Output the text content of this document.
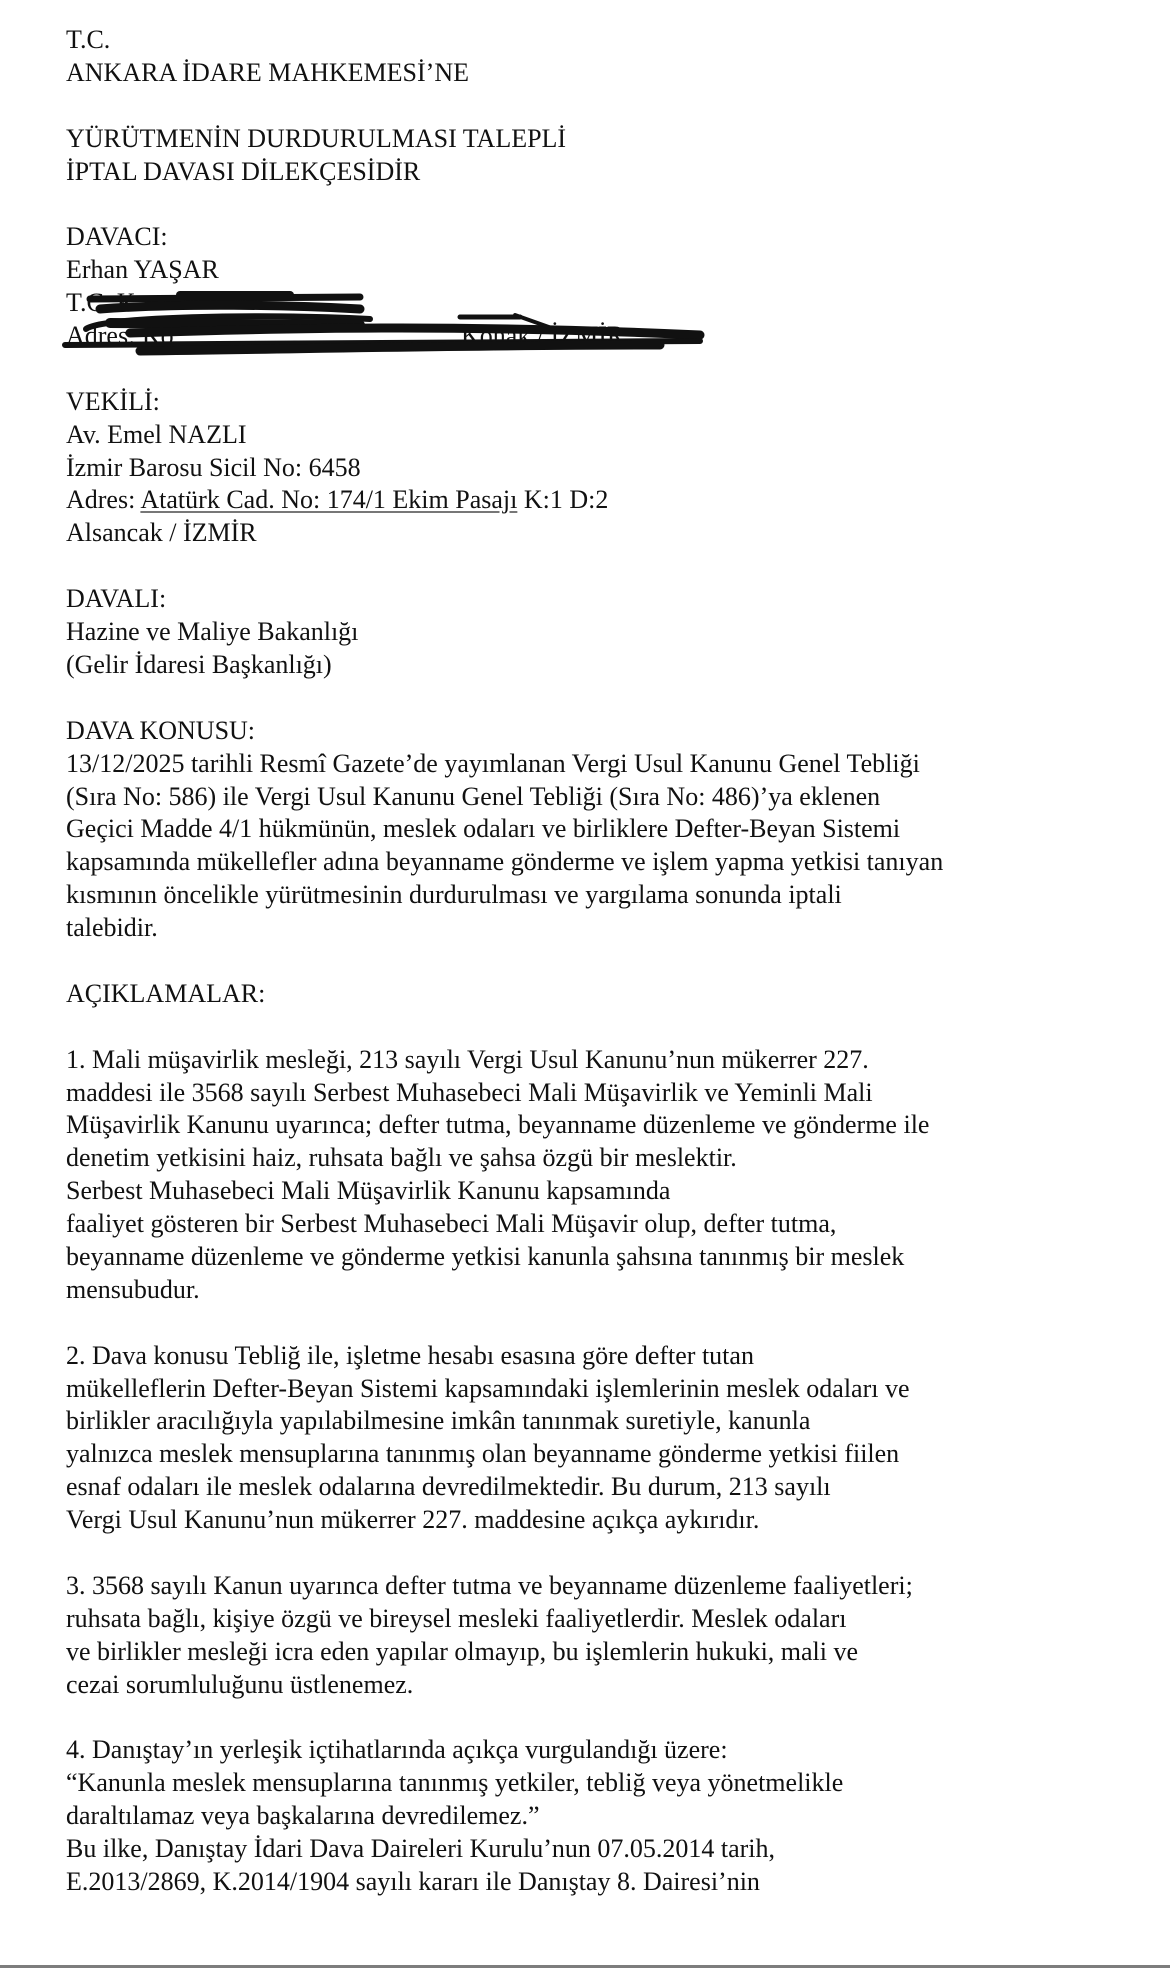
T.C.
ANKARA İDARE MAHKEMESİ’NE
YÜRÜTMENİN DURDURULMASI TALEPLİ
İPTAL DAVASI DİLEKÇESİDİR
DAVACI:
Erhan YAŞAR
T.C. K
Adres: Ko	Konak / İZMİR
VEKİLİ:
Av. Emel NAZLI
İzmir Barosu Sicil No: 6458
Adres: Atatürk Cad. No: 174/1 Ekim Pasajı K:1 D:2
Alsancak / İZMİR
DAVALI:
Hazine ve Maliye Bakanlığı
(Gelir İdaresi Başkanlığı)
DAVA KONUSU:
13/12/2025 tarihli Resmî Gazete’de yayımlanan Vergi Usul Kanunu Genel Tebliği
(Sıra No: 586) ile Vergi Usul Kanunu Genel Tebliği (Sıra No: 486)’ya eklenen
Geçici Madde 4/1 hükmünün, meslek odaları ve birliklere Defter-Beyan Sistemi
kapsamında mükellefler adına beyanname gönderme ve işlem yapma yetkisi tanıyan
kısmının öncelikle yürütmesinin durdurulması ve yargılama sonunda iptali
talebidir.
AÇIKLAMALAR:
1. Mali müşavirlik mesleği, 213 sayılı Vergi Usul Kanunu’nun mükerrer 227.
maddesi ile 3568 sayılı Serbest Muhasebeci Mali Müşavirlik ve Yeminli Mali
Müşavirlik Kanunu uyarınca; defter tutma, beyanname düzenleme ve gönderme ile
denetim yetkisini haiz, ruhsata bağlı ve şahsa özgü bir meslektir.
Serbest Muhasebeci Mali Müşavirlik Kanunu kapsamında
faaliyet gösteren bir Serbest Muhasebeci Mali Müşavir olup, defter tutma,
beyanname düzenleme ve gönderme yetkisi kanunla şahsına tanınmış bir meslek
mensubudur.
2. Dava konusu Tebliğ ile, işletme hesabı esasına göre defter tutan
mükelleflerin Defter-Beyan Sistemi kapsamındaki işlemlerinin meslek odaları ve
birlikler aracılığıyla yapılabilmesine imkân tanınmak suretiyle, kanunla
yalnızca meslek mensuplarına tanınmış olan beyanname gönderme yetkisi fiilen
esnaf odaları ile meslek odalarına devredilmektedir. Bu durum, 213 sayılı
Vergi Usul Kanunu’nun mükerrer 227. maddesine açıkça aykırıdır.
3. 3568 sayılı Kanun uyarınca defter tutma ve beyanname düzenleme faaliyetleri;
ruhsata bağlı, kişiye özgü ve bireysel mesleki faaliyetlerdir. Meslek odaları
ve birlikler mesleği icra eden yapılar olmayıp, bu işlemlerin hukuki, mali ve
cezai sorumluluğunu üstlenemez.
4. Danıştay’ın yerleşik içtihatlarında açıkça vurgulandığı üzere:
“Kanunla meslek mensuplarına tanınmış yetkiler, tebliğ veya yönetmelikle
daraltılamaz veya başkalarına devredilemez.”
Bu ilke, Danıştay İdari Dava Daireleri Kurulu’nun 07.05.2014 tarih,
E.2013/2869, K.2014/1904 sayılı kararı ile Danıştay 8. Dairesi’nin
